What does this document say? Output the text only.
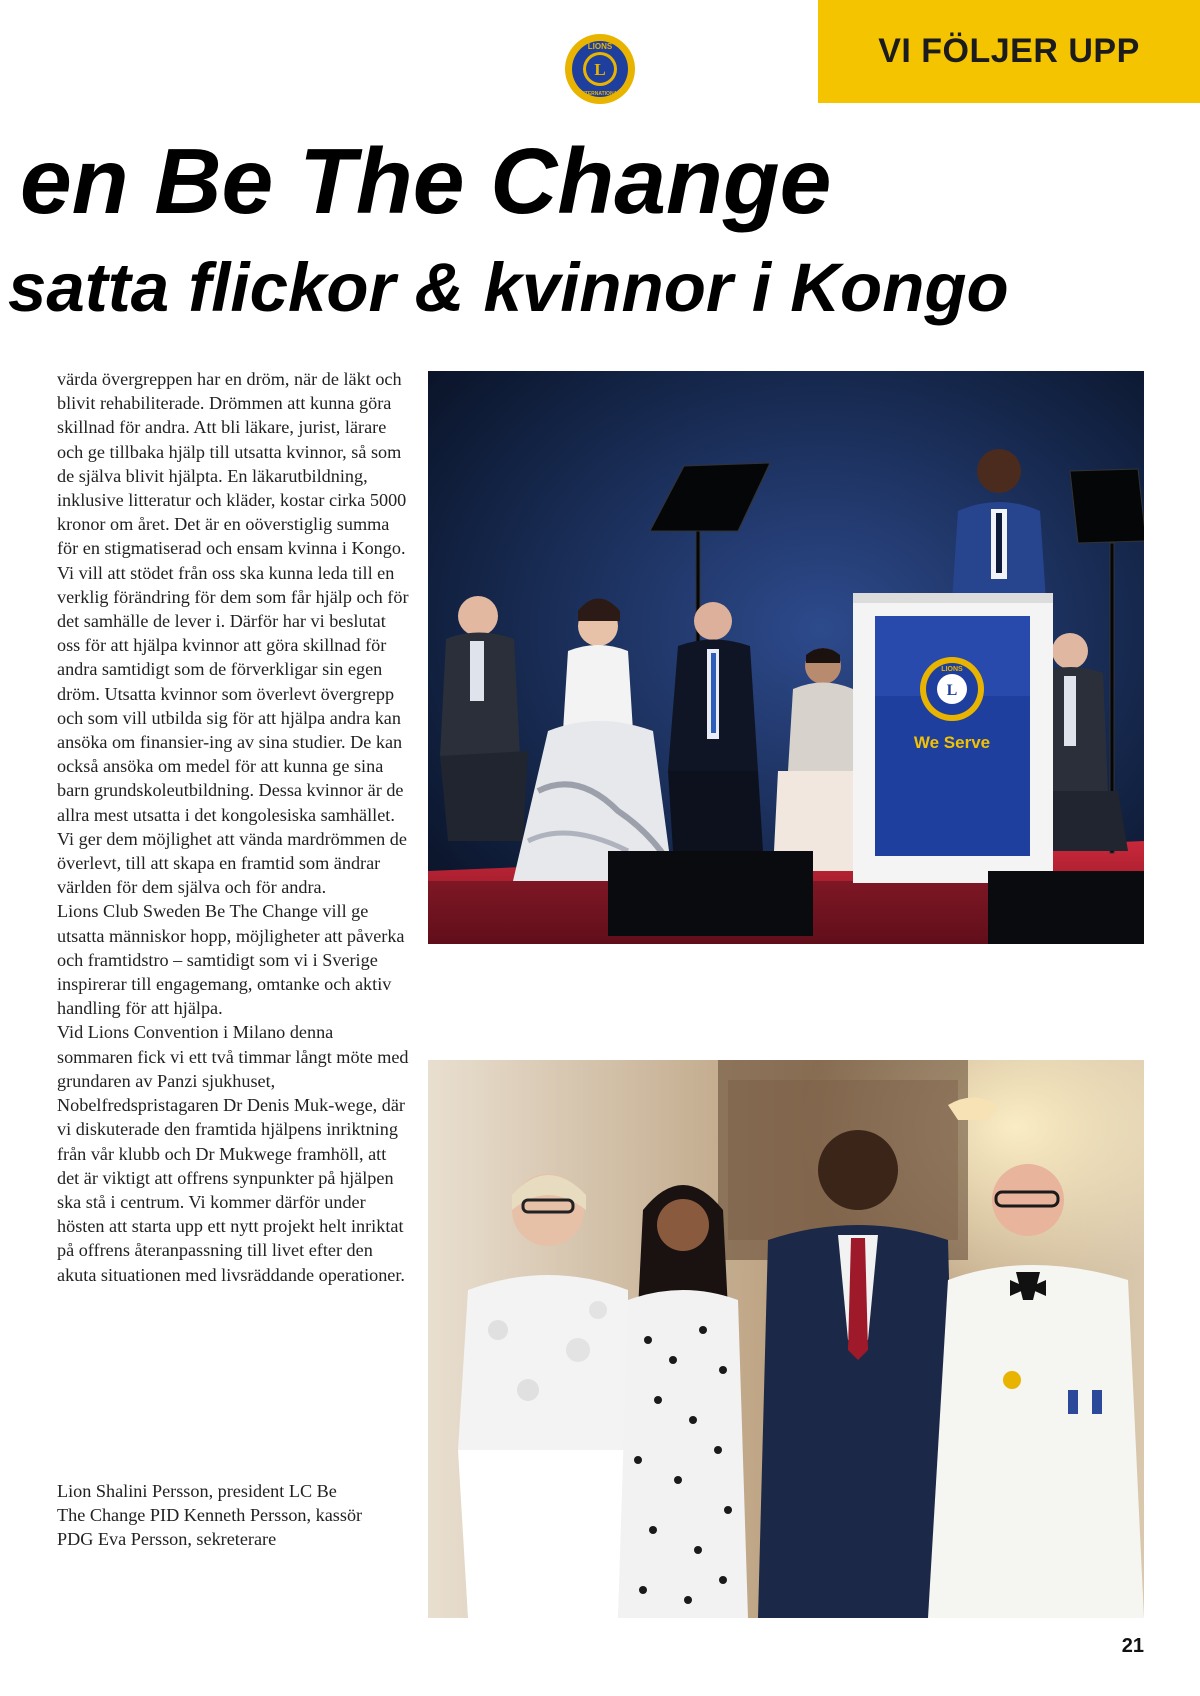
VI FÖLJER UPP
L
LIONS
INTERNATIONAL
en Be The Change
satta flickor & kvinnor i Kongo

värda övergreppen har en dröm, när de läkt och blivit rehabiliterade. Drömmen att kunna göra skillnad för andra. Att bli läkare, jurist, lärare och ge tillbaka hjälp till utsatta kvinnor, så som de själva blivit hjälpta. En läkarutbildning, inklusive litteratur och kläder, kostar cirka 5000 kronor om året. Det är en oöverstiglig summa för en stigmatiserad och ensam kvinna i Kongo. Vi vill att stödet från oss ska kunna leda till en verklig förändring för dem som får hjälp och för det samhälle de lever i. Därför har vi beslutat oss för att hjälpa kvinnor att göra skillnad för andra samtidigt som de förverkligar sin egen dröm. Utsatta kvinnor som överlevt övergrepp och som vill utbilda sig för att hjälpa andra kan ansöka om finansier-ing av sina studier. De kan också ansöka om medel för att kunna ge sina barn grundskoleutbildning. Dessa kvinnor är de allra mest utsatta i det kongolesiska samhället. Vi ger dem möjlighet att vända mardrömmen de överlevt, till att skapa en framtid som ändrar världen för dem själva och för andra.

Lions Club Sweden Be The Change vill ge utsatta människor hopp, möjligheter att påverka och framtidstro – samtidigt som vi i Sverige inspirerar till engagemang, omtanke och aktiv handling för att hjälpa.

Vid Lions Convention i Milano denna sommaren fick vi ett två timmar långt möte med grundaren av Panzi sjukhuset, Nobelfredspristagaren Dr Denis Muk-wege, där vi diskuterade den framtida hjälpens inriktning från vår klubb och Dr Mukwege framhöll, att det är viktigt att offrens synpunkter på hjälpen ska stå i centrum. Vi kommer därför under hösten att starta upp ett nytt projekt helt inriktat på offrens återanpassning till livet efter den akuta situationen med livsräddande operationer.

Lion Shalini Persson, president LC Be
The Change PID Kenneth Persson, kassör
PDG Eva Persson, sekreterare
L
LIONS
We Serve
21
